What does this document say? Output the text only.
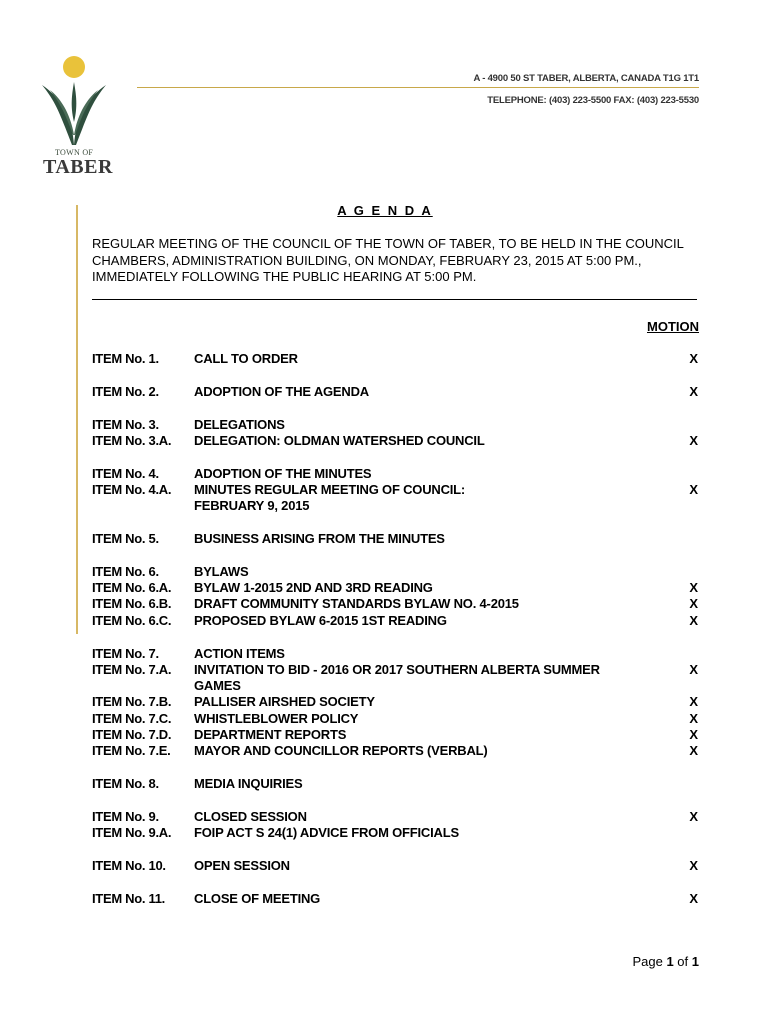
TOWN OF
TABER
A - 4900 50 ST TABER, ALBERTA, CANADA T1G 1T1
TELEPHONE: (403) 223-5500 FAX: (403) 223-5530
A G E N D A
REGULAR MEETING OF THE COUNCIL OF THE TOWN OF TABER, TO BE HELD IN THE COUNCIL CHAMBERS, ADMINISTRATION BUILDING, ON MONDAY, FEBRUARY 23, 2015 AT 5:00 PM., IMMEDIATELY FOLLOWING THE PUBLIC HEARING AT 5:00 PM.
MOTION
ITEM No. 1.	CALL TO ORDER	X
ITEM No. 2.	ADOPTION OF THE AGENDA	X
ITEM No. 3.	DELEGATIONS
ITEM No. 3.A.	DELEGATION: OLDMAN WATERSHED COUNCIL	X
ITEM No. 4.	ADOPTION OF THE MINUTES
ITEM No. 4.A.	MINUTES REGULAR MEETING OF COUNCIL:	X
FEBRUARY 9, 2015
ITEM No. 5.	BUSINESS ARISING FROM THE MINUTES
ITEM No. 6.	BYLAWS
ITEM No. 6.A.	BYLAW 1-2015 2ND AND 3RD READING	X
ITEM No. 6.B.	DRAFT COMMUNITY STANDARDS BYLAW NO. 4-2015	X
ITEM No. 6.C.	PROPOSED BYLAW 6-2015 1ST READING	X
ITEM No. 7.	ACTION ITEMS
ITEM No. 7.A.	INVITATION TO BID - 2016 OR 2017 SOUTHERN ALBERTA SUMMER	X
GAMES
ITEM No. 7.B.	PALLISER AIRSHED SOCIETY	X
ITEM No. 7.C.	WHISTLEBLOWER POLICY	X
ITEM No. 7.D.	DEPARTMENT REPORTS	X
ITEM No. 7.E.	MAYOR AND COUNCILLOR REPORTS (VERBAL)	X
ITEM No. 8.	MEDIA INQUIRIES
ITEM No. 9.	CLOSED SESSION	X
ITEM No. 9.A.	FOIP ACT S 24(1) ADVICE FROM OFFICIALS
ITEM No. 10.	OPEN SESSION	X
ITEM No. 11.	CLOSE OF MEETING	X
Page 1 of 1
